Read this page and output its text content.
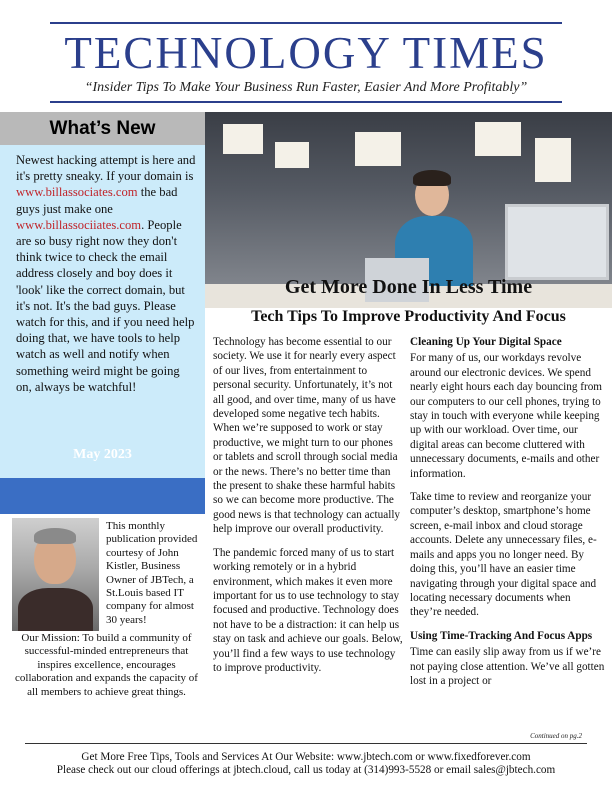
TECHNOLOGY TIMES
“Insider Tips To Make Your Business Run Faster, Easier And More Profitably”
What’s New
Newest hacking attempt is here and it's pretty sneaky. If your domain is www.billassociates.com the bad guys just make one www.billassociiates.com. People are so busy right now they don't think twice to check the email address closely and boy does it 'look' like the correct domain, but it's not. It's the bad guys. Please watch for this, and if you need help doing that, we have tools to help watch as well and notify when something weird might be going on, always be watchful!
May 2023
This monthly publication provided courtesy of John Kistler, Business Owner of JBTech, a St.Louis based IT company for almost 30 years!
Our Mission: To build a community of successful-minded entrepreneurs that inspires excellence, encourages collaboration and expands the capacity of all members to achieve great things.
Get More Done In Less Time
Tech Tips To Improve Productivity And Focus

Technology has become essential to our society. We use it for nearly every aspect of our lives, from entertainment to personal security. Unfortunately, it’s not all good, and over time, many of us have developed some negative tech habits. When we’re supposed to work or stay productive, we might turn to our phones or tablets and scroll through social media or the news. There’s no better time than the present to shake these harmful habits so we can become more productive. The good news is that technology can actually help improve our overall productivity.

The pandemic forced many of us to start working remotely or in a hybrid environment, which makes it even more important for us to use technology to stay focused and productive. Technology does not have to be a distraction: it can help us stay on task and achieve our goals. Below, you’ll find a few ways to use technology to improve productivity.

Cleaning Up Your Digital Space

For many of us, our workdays revolve around our electronic devices. We spend nearly eight hours each day bouncing from our computers to our cell phones, trying to stay in touch with everyone while keeping up with our workload. Over time, our digital areas can become cluttered with unnecessary documents, e-mails and other information.

Take time to review and reorganize your computer’s desktop, smartphone’s home screen, e-mail inbox and cloud storage accounts. Delete any unnecessary files, e-mails and apps you no longer need. By doing this, you’ll have an easier time navigating through your digital space and locating necessary documents when they’re needed.

Using Time-Tracking And Focus Apps

Time can easily slip away from us if we’re not paying close attention. We’ve all gotten lost in a project or

Continued on pg.2
Get More Free Tips, Tools and Services At Our Website: www.jbtech.com or www.fixedforever.com
Please check out our cloud offerings at jbtech.cloud, call us today at (314)993-5528 or email sales@jbtech.com
